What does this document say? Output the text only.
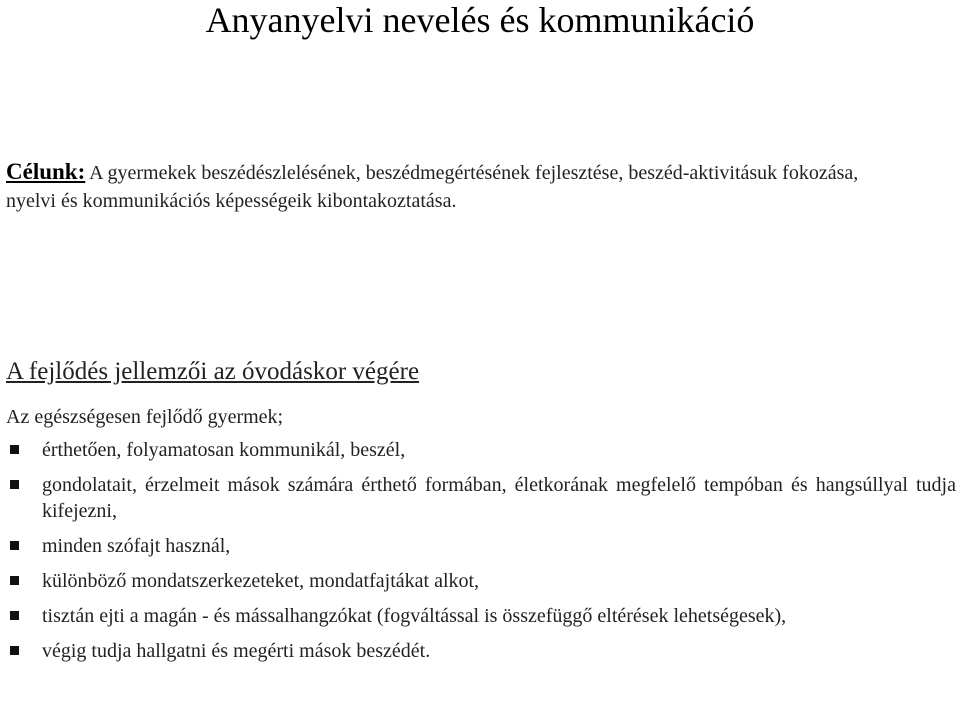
Anyanyelvi nevelés és kommunikáció

Célunk: A gyermekek beszédészlelésének, beszédmegértésének fejlesztése, beszéd-aktivitásuk fokozása, nyelvi és kommunikációs képességeik kibontakoztatása.

A fejlődés jellemzői az óvodáskor végére

Az egészségesen fejlődő gyermek;

érthetően, folyamatosan kommunikál, beszél,
gondolatait, érzelmeit mások számára érthető formában, életkorának megfelelő tempóban és hangsúllyal tudja kifejezni,
minden szófajt használ,
különböző mondatszerkezeteket, mondatfajtákat alkot,
tisztán ejti a magán - és mássalhangzókat (fogváltással is összefüggő eltérések lehetségesek),
végig tudja hallgatni és megérti mások beszédét.
